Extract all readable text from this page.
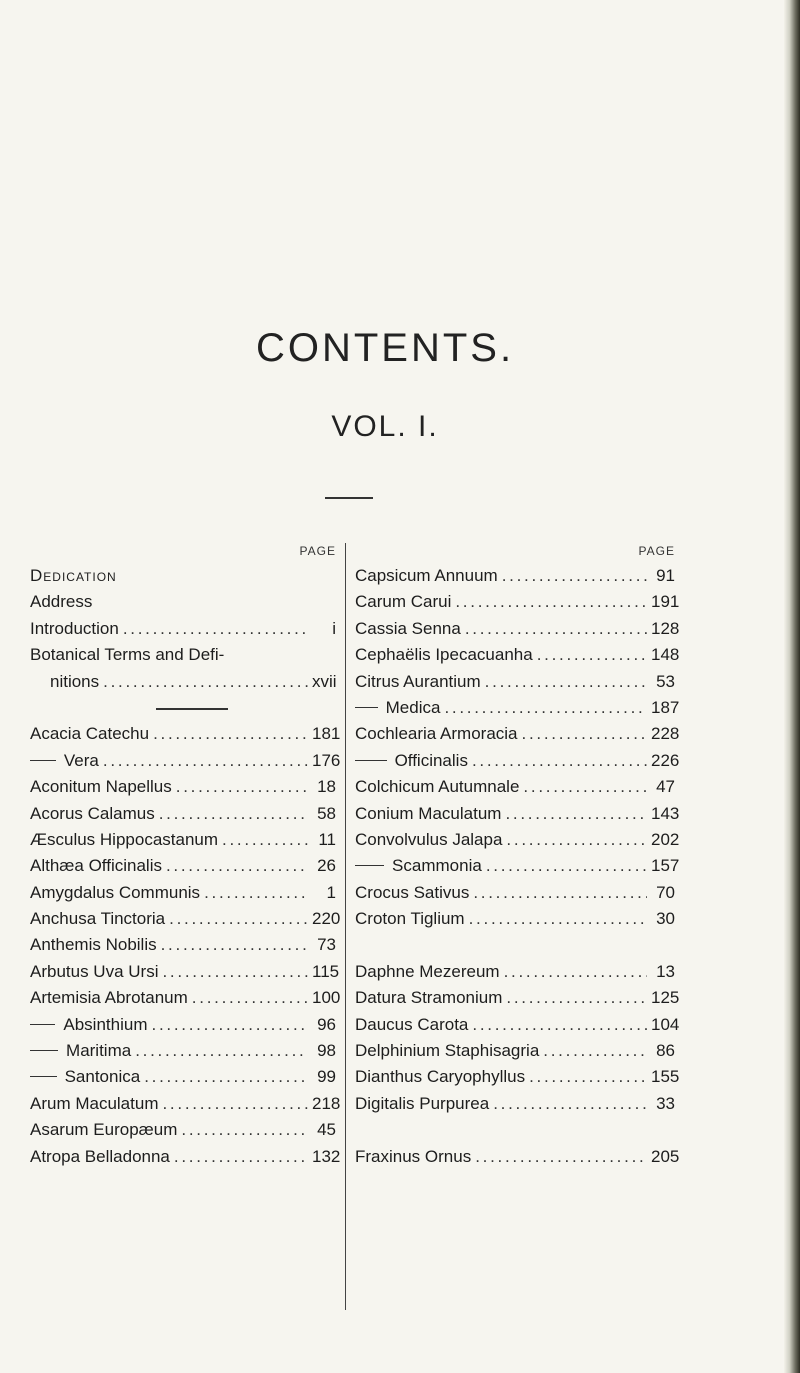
CONTENTS.
VOL. I.
PAGE
Dedication
Address
Introduction . . .	i
Botanical Terms and Defi-
nitions . . .	xvii
Acacia Catechu . . .	181
Vera . . .	176
Aconitum Napellus . . .	18
Acorus Calamus . . .	58
Æsculus Hippocastanum . . .	11
Althæa Officinalis . . .	26
Amygdalus Communis . . .	1
Anchusa Tinctoria . . .	220
Anthemis Nobilis . . .	73
Arbutus Uva Ursi . . .	115
Artemisia Abrotanum . . .	100
Absinthium . . .	96
Maritima . . .	98
Santonica . . .	99
Arum Maculatum . . .	218
Asarum Europæum . . .	45
Atropa Belladonna . . .	132
PAGE
Capsicum Annuum . . .	91
Carum Carui . . .	191
Cassia Senna . . .	128
Cephaëlis Ipecacuanha . . .	148
Citrus Aurantium . . .	53
Medica . . .	187
Cochlearia Armoracia . . .	228
Officinalis . . .	226
Colchicum Autumnale . . .	47
Conium Maculatum . . .	143
Convolvulus Jalapa . . .	202
Scammonia . . .	157
Crocus Sativus . . .	70
Croton Tiglium . . .	30
Daphne Mezereum . . .	13
Datura Stramonium . . .	125
Daucus Carota . . .	104
Delphinium Staphisagria . . .	86
Dianthus Caryophyllus . . .	155
Digitalis Purpurea . . .	33
Fraxinus Ornus . . .	205
